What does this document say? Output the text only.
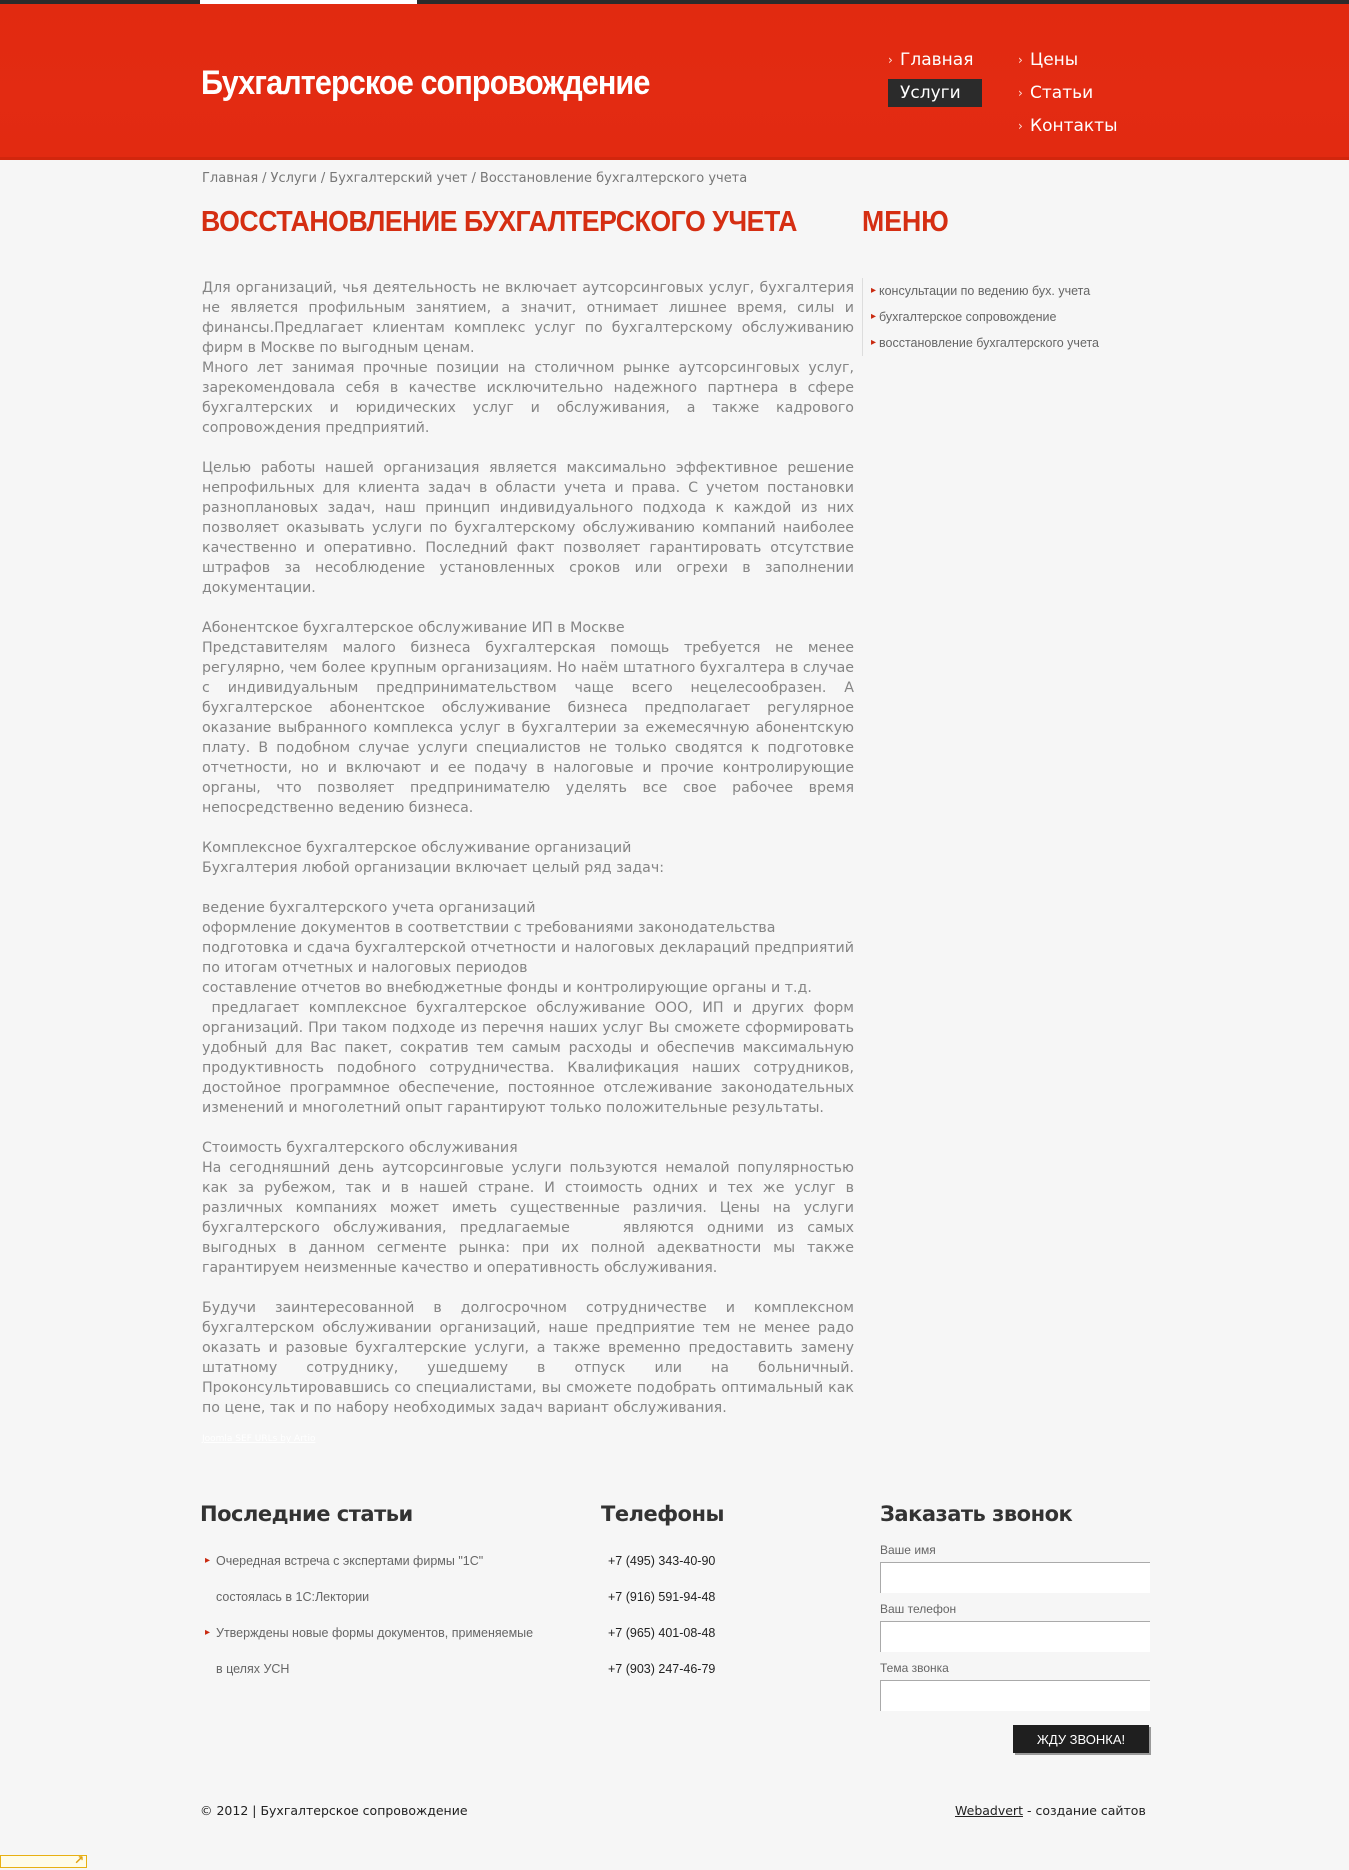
Бухгалтерское сопровождение
› Главная
Услуги
› Цены
› Статьи
› Контакты
Главная / Услуги / Бухгалтерский учет / Восстановление бухгалтерского учета
ВОССТАНОВЛЕНИЕ БУХГАЛТЕРСКОГО УЧЕТА МЕНЮ

Для организаций, чья деятельность не включает аутсорсинговых услуг, бухгалтерия не является профильным занятием, а значит, отнимает лишнее время, силы и финансы.Предлагает клиентам комплекс услуг по бухгалтерскому обслуживанию фирм в Москве по выгодным ценам.

Много лет занимая прочные позиции на столичном рынке аутсорсинговых услуг, зарекомендовала себя в качестве исключительно надежного партнера в сфере бухгалтерских и юридических услуг и обслуживания, а также кадрового сопровождения предприятий.

Целью работы нашей организация является максимально эффективное решение непрофильных для клиента задач в области учета и права. С учетом постановки разноплановых задач, наш принцип индивидуального подхода к каждой из них позволяет оказывать услуги по бухгалтерскому обслуживанию компаний наиболее качественно и оперативно. Последний факт позволяет гарантировать отсутствие штрафов за несоблюдение установленных сроков или огрехи в заполнении документации.

Абонентское бухгалтерское обслуживание ИП в Москве

Представителям малого бизнеса бухгалтерская помощь требуется не менее регулярно, чем более крупным организациям. Но наём штатного бухгалтера в случае с индивидуальным предпринимательством чаще всего нецелесообразен. А бухгалтерское абонентское обслуживание бизнеса предполагает регулярное оказание выбранного комплекса услуг в бухгалтерии за ежемесячную абонентскую плату. В подобном случае услуги специалистов не только сводятся к подготовке отчетности, но и включают и ее подачу в налоговые и прочие контролирующие органы, что позволяет предпринимателю уделять все свое рабочее время непосредственно ведению бизнеса.

Комплексное бухгалтерское обслуживание организаций

Бухгалтерия любой организации включает целый ряд задач:

ведение бухгалтерского учета организаций

оформление документов в соответствии с требованиями законодательства

подготовка и сдача бухгалтерской отчетности и налоговых деклараций предприятий по итогам отчетных и налоговых периодов

составление отчетов во внебюджетные фонды и контролирующие органы и т.д.

предлагает комплексное бухгалтерское обслуживание ООО, ИП и других форм организаций. При таком подходе из перечня наших услуг Вы сможете сформировать удобный для Вас пакет, сократив тем самым расходы и обеспечив максимальную продуктивность подобного сотрудничества. Квалификация наших сотрудников, достойное программное обеспечение, постоянное отслеживание законодательных изменений и многолетний опыт гарантируют только положительные результаты.

Стоимость бухгалтерского обслуживания

На сегодняшний день аутсорсинговые услуги пользуются немалой популярностью как за рубежом, так и в нашей стране. И стоимость одних и тех же услуг в различных компаниях может иметь существенные различия. Цены на услуги бухгалтерского обслуживания, предлагаемые    являются одними из самых выгодных в данном сегменте рынка: при их полной адекватности мы также гарантируем неизменные качество и оперативность обслуживания.

Будучи заинтересованной в долгосрочном сотрудничестве и комплексном бухгалтерском обслуживании организаций, наше предприятие тем не менее радо оказать и разовые бухгалтерские услуги, а также временно предоставить замену штатному сотруднику, ушедшему в отпуск или на больничный. Проконсультировавшись со специалистами, вы сможете подобрать оптимальный как по цене, так и по набору необходимых задач вариант обслуживания.

▸ консультации по ведению бух. учета
▸ бухгалтерское сопровождение
▸ восстановление бухгалтерского учета
Joomla SEF URLs by Artio
Последние статьи
▸ Очередная встреча с экспертами фирмы "1С"
состоялась в 1С:Лектории
▸ Утверждены новые формы документов, применяемые
в целях УСН
Телефоны
+7 (495) 343-40-90
+7 (916) 591-94-48
+7 (965) 401-08-48
+7 (903) 247-46-79
Заказать звонок
Ваше имя
Ваш телефон
Тема звонка
ЖДУ ЗВОНКА!
© 2012 | Бухгалтерское сопровождение	Webadvert - создание сайтов
↗
